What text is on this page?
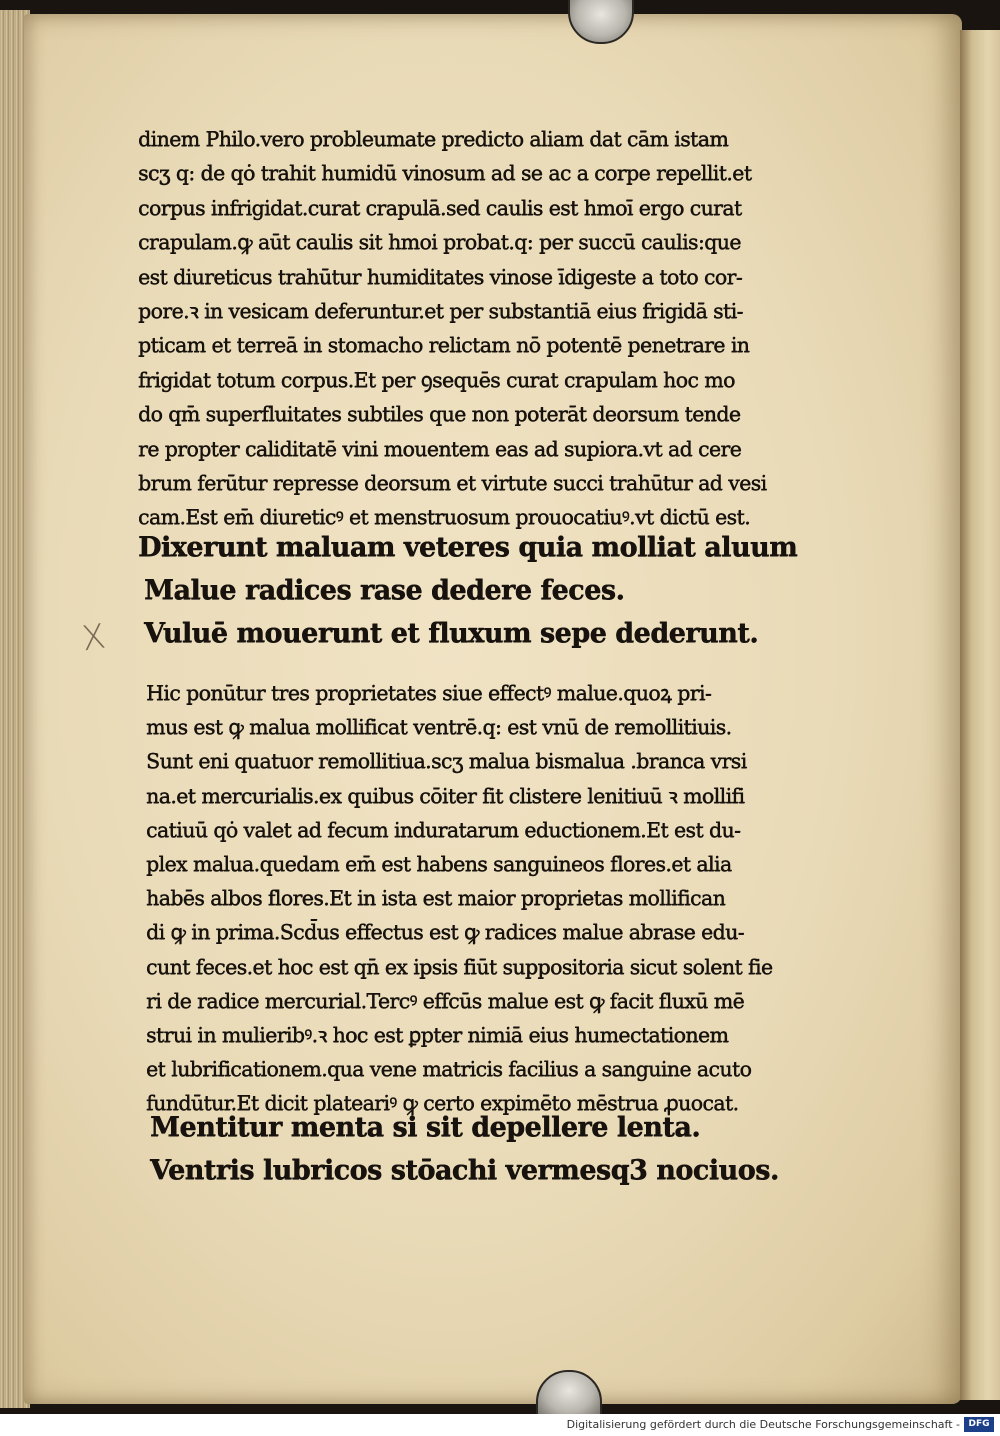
X
dinem Philo.vero probleumate predicto aliam dat cām istam
scʒ q: de qȯ trahit humidū vinosum ad se ac a corpe repellit.et
corpus infrigidat.curat crapulā.sed caulis est hmoī ergo curat
crapulam.ꝙ aūt caulis sit hmoi probat.q: per succū caulis:que
est diureticus trahūtur humiditates vinose īdigeste a toto cor-
pore.ꝛ in vesicam deferuntur.et per substantiā eius frigidā sti-
pticam et terreā in stomacho relictam nō potentē penetrare in
frigidat totum corpus.Et per ꝯsequēs curat crapulam hoc mo
do qm̄ superfluitates subtiles que non poterāt deorsum tende
re propter caliditatē vini mouentem eas ad supiora.vt ad cere
brum ferūtur represse deorsum et virtute succi trahūtur ad vesi
cam.Est em̄ diureticꝰ et menstruosum prouocatiuꝰ.vt dictū est.
Dixerunt maluam veteres quia molliat aluum
Malue radices rase dedere feces.
Vuluē mouerunt et fluxum sepe dederunt.
Hic ponūtur tres proprietates siue effectꝰ malue.quoꝝ pri-
mus est ꝙ malua mollificat ventrē.q: est vnū de remollitiuis.
Sunt eni quatuor remollitiua.scʒ malua bismalua .branca vrsi
na.et mercurialis.ex quibus cōiter fit clistere lenitiuū ꝛ mollifi
catiuū qȯ valet ad fecum induratarum eductionem.Et est du-
plex malua.quedam em̄ est habens sanguineos flores.et alia
habēs albos flores.Et in ista est maior proprietas mollifican
di ꝙ in prima.Scd̄us effectus est ꝙ radices malue abrase edu-
cunt feces.et hoc est qn̄ ex ipsis fiūt suppositoria sicut solent fie
ri de radice mercurial.Tercꝰ effcūs malue est ꝙ facit fluxū mē
strui in mulieribꝰ.ꝛ hoc est ꝑpter nimiā eius humectationem
et lubrificationem.qua vene matricis facilius a sanguine acuto
fundūtur.Et dicit plateariꝰ ꝙ certo expimēto mēstrua ꝓuocat.
Mentitur menta si sit depellere lenta.
Ventris lubricos stōachi vermesq3 nociuos.
Digitalisierung gefördert durch die Deutsche Forschungsgemeinschaft - DFG
